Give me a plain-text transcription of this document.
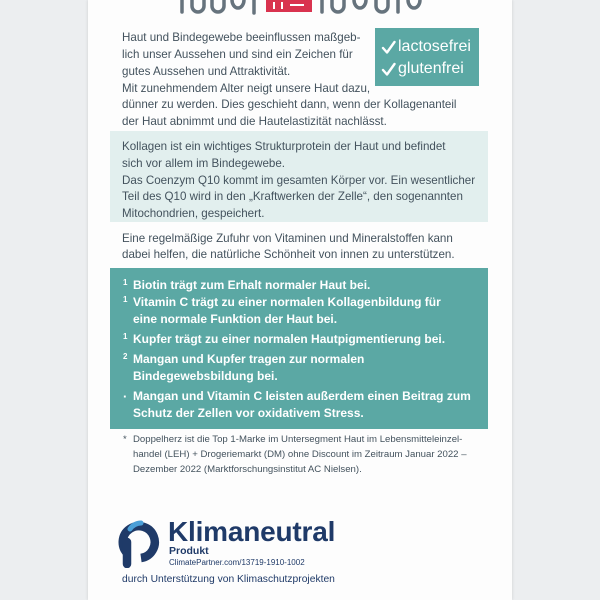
Haut und Bindegewebe beeinflussen maßgeb-
lich unser Aussehen und sind ein Zeichen für
gutes Aussehen und Attraktivität.
Mit zunehmendem Alter neigt unsere Haut dazu,
dünner zu werden. Dies geschieht dann, wenn der Kollagenanteil
der Haut abnimmt und die Hautelastizität nachlässt.
lactosefrei
glutenfrei
Kollagen ist ein wichtiges Strukturprotein der Haut und befindet
sich vor allem im Bindegewebe.
Das Coenzym Q10 kommt im gesamten Körper vor. Ein wesentlicher
Teil des Q10 wird in den „Kraftwerken der Zelle“, den sogenannten
Mitochondrien, gespeichert.
Eine regelmäßige Zufuhr von Vitaminen und Mineralstoffen kann
dabei helfen, die natürliche Schönheit von innen zu unterstützen.
1 Biotin trägt zum Erhalt normaler Haut bei.
1 Vitamin C trägt zu einer normalen Kollagenbildung für
eine normale Funktion der Haut bei.
1 Kupfer trägt zu einer normalen Hautpigmentierung bei.
2 Mangan und Kupfer tragen zur normalen
Bindegewebsbildung bei.
· Mangan und Vitamin C leisten außerdem einen Beitrag zum
Schutz der Zellen vor oxidativem Stress.
* Doppelherz ist die Top 1-Marke im Untersegment Haut im Lebensmitteleinzel-
handel (LEH) + Drogeriemarkt (DM) ohne Discount im Zeitraum Januar 2022 –
Dezember 2022 (Marktforschungsinstitut AC Nielsen).
Klimaneutral
Produkt
ClimatePartner.com/13719-1910-1002
durch Unterstützung von Klimaschutzprojekten
